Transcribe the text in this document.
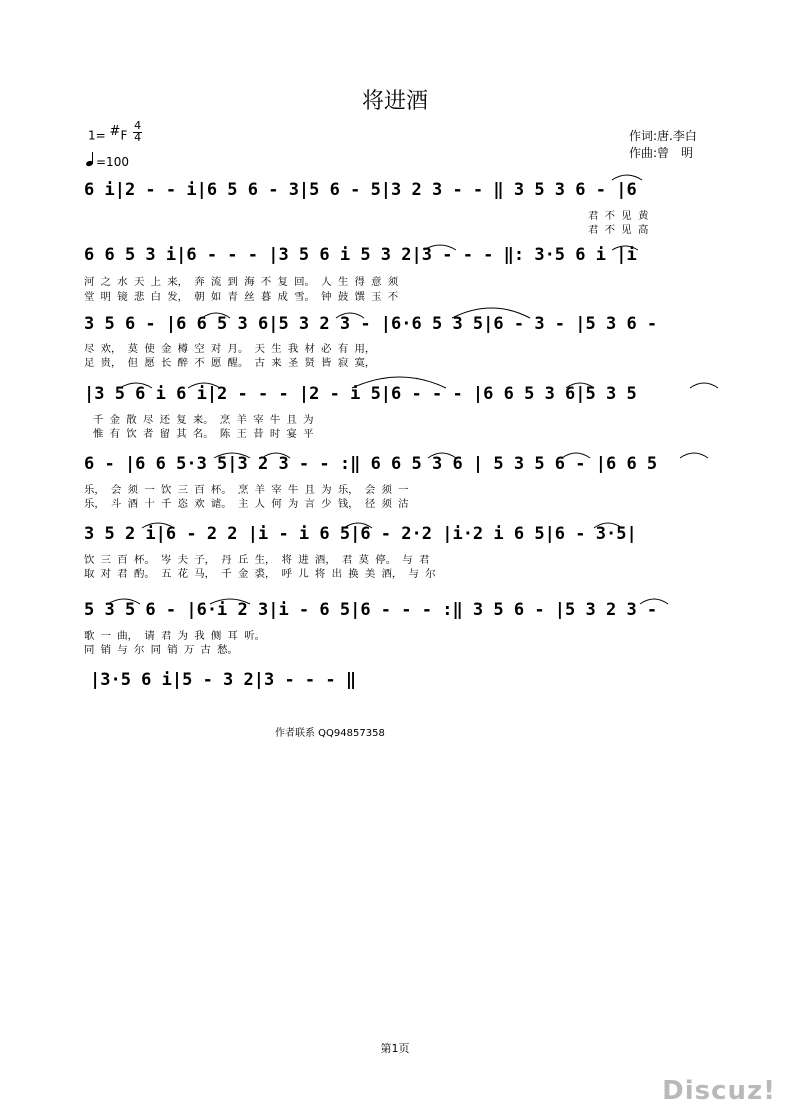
将进酒
1= #F $\frac{4}{4}$
=100
作词:唐.李白
作曲:曾　明
6 i|2 - - i|6 5 6 - 3|5 6 - 5|3 2 3 - - ‖ 3 5 3 6 - |6
君 不 见 黄
君 不 见 高
6 6 5 3 i|6 - - - |3 5 6 i 5 3 2|3 - - - ‖: 3·5 6 i |i
河 之 水 天 上 来， 奔 流 到 海 不 复 回。 人 生 得 意 须
堂 明 镜 悲 白 发， 朝 如 青 丝 暮 成 雪。 钟 鼓 馔 玉 不
3 5 6 - |6 6 5 3 6|5 3 2 3 - |6·6 5 3 5|6 - 3 - |5 3 6 -
尽 欢， 莫 使 金 樽 空 对 月。 天 生 我 材 必 有 用，
足 贵， 但 愿 长 醉 不 愿 醒。 古 来 圣 贤 皆 寂 寞，
|3 5 6 i 6 i|2 - - - |2 - i 5|6 - - - |6 6 5 3 6|5 3 5
千 金 散 尽 还 复 来。 烹 羊 宰 牛 且 为
惟 有 饮 者 留 其 名。 陈 王 昔 时 宴 平
6 - |6 6 5·3 5|3 2 3 - - :‖ 6 6 5 3 6 | 5 3 5 6 - |6 6 5
乐， 会 须 一 饮 三 百 杯。 烹 羊 宰 牛 且 为 乐， 会 须 一
乐， 斗 酒 十 千 恣 欢 谑。 主 人 何 为 言 少 钱， 径 须 沽
3 5 2 i|6 - 2 2 |i - i 6 5|6 - 2·2 |i·2 i 6 5|6 - 3·5|
饮 三 百 杯。 岑 夫 子， 丹 丘 生， 将 进 酒， 君 莫 停。 与 君
取 对 君 酌。 五 花 马， 千 金 裘， 呼 儿 将 出 换 美 酒， 与 尔
5 3 5 6 - |6·i 2 3|i - 6 5|6 - - - :‖ 3 5 6 - |5 3 2 3 -
歌 一 曲， 请 君 为 我 侧 耳 听。
同 销 与 尔 同 销 万 古 愁。
|3·5 6 i|5 - 3 2|3 - - - ‖
作者联系 QQ94857358
第1页
Discuz!
